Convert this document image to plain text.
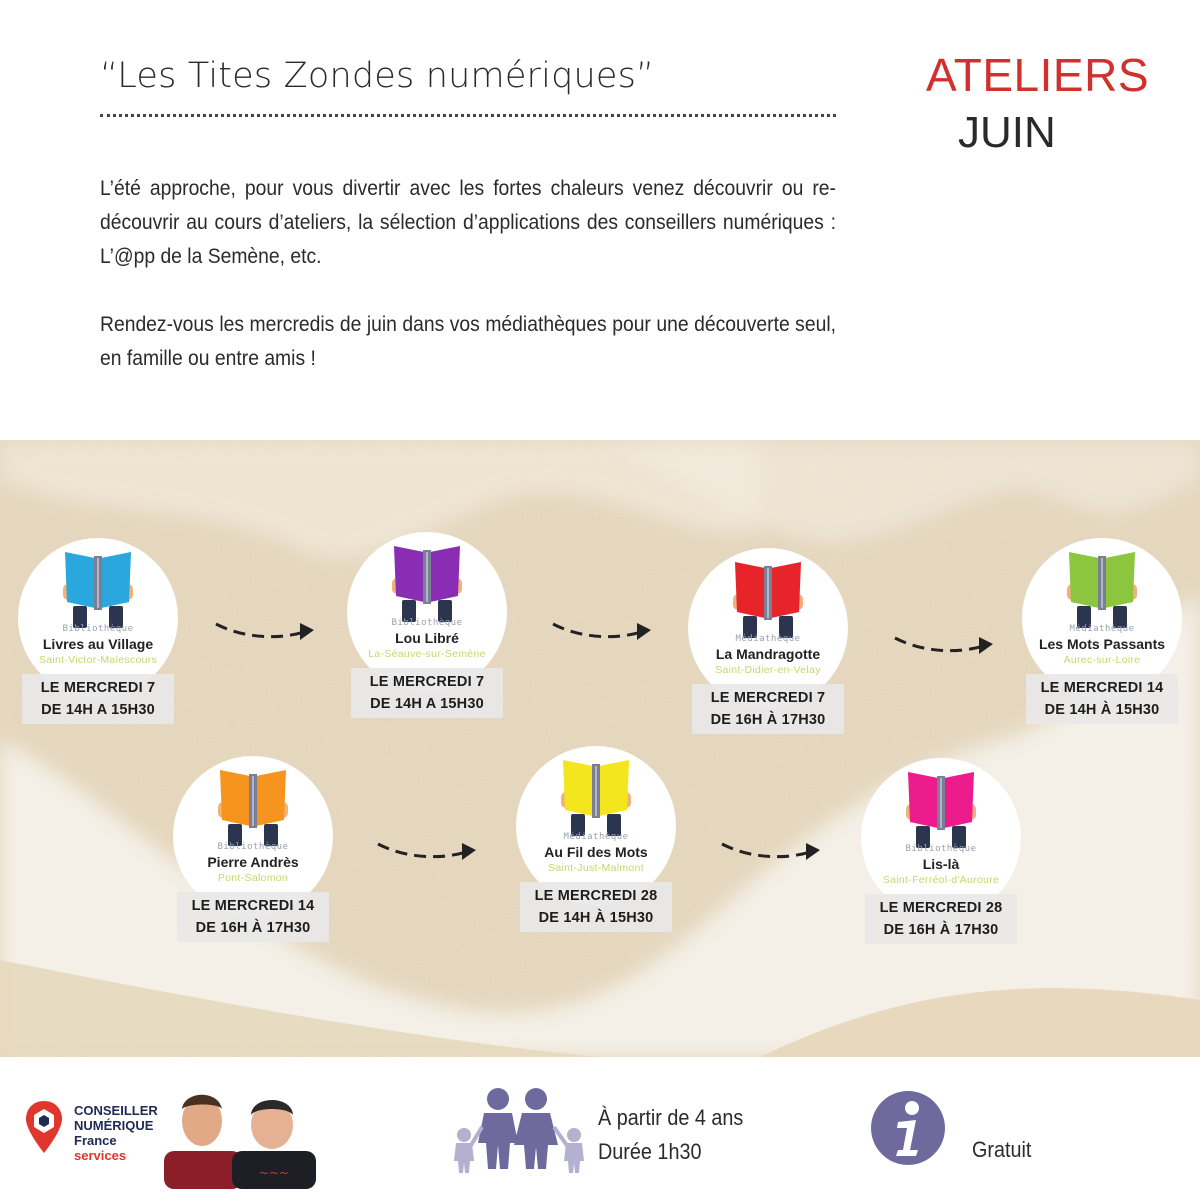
“Les Tites Zondes numériques”	ATELIERS
JUIN

L’été approche, pour vous divertir avec les fortes chaleurs venez découvrir ou re-découvrir au cours d’ateliers, la sélection d’applications des conseillers numériques : L’@pp de la Semène, etc.

Rendez-vous les mercredis de juin dans vos médiathèques pour une découverte seul, en famille ou entre amis !

Bibliothèque
Livres au Village
Saint-Victor-Malescours
LE MERCREDI 7
DE 14H A 15H30
Bibliothèque
Lou Libré
La-Séauve-sur-Semène
LE MERCREDI 7
DE 14H A 15H30
Médiathèque
La Mandragotte
Saint-Didier-en-Velay
LE MERCREDI 7
DE 16H À 17H30
Médiathèque
Les Mots Passants
Aurec-sur-Loire
LE MERCREDI 14
DE 14H À 15H30
Bibliothèque
Pierre Andrès
Pont-Salomon
LE MERCREDI 14
DE 16H À 17H30
Médiathèque
Au Fil des Mots
Saint-Just-Malmont
LE MERCREDI 28
DE 14H À 15H30
Bibliothèque
Lis-là
Saint-Ferréol-d'Auroure
LE MERCREDI 28
DE 16H À 17H30
CONSEILLER
NUMÉRIQUE
France
services
~~~
À partir de 4 ans
Durée 1h30	Gratuit
